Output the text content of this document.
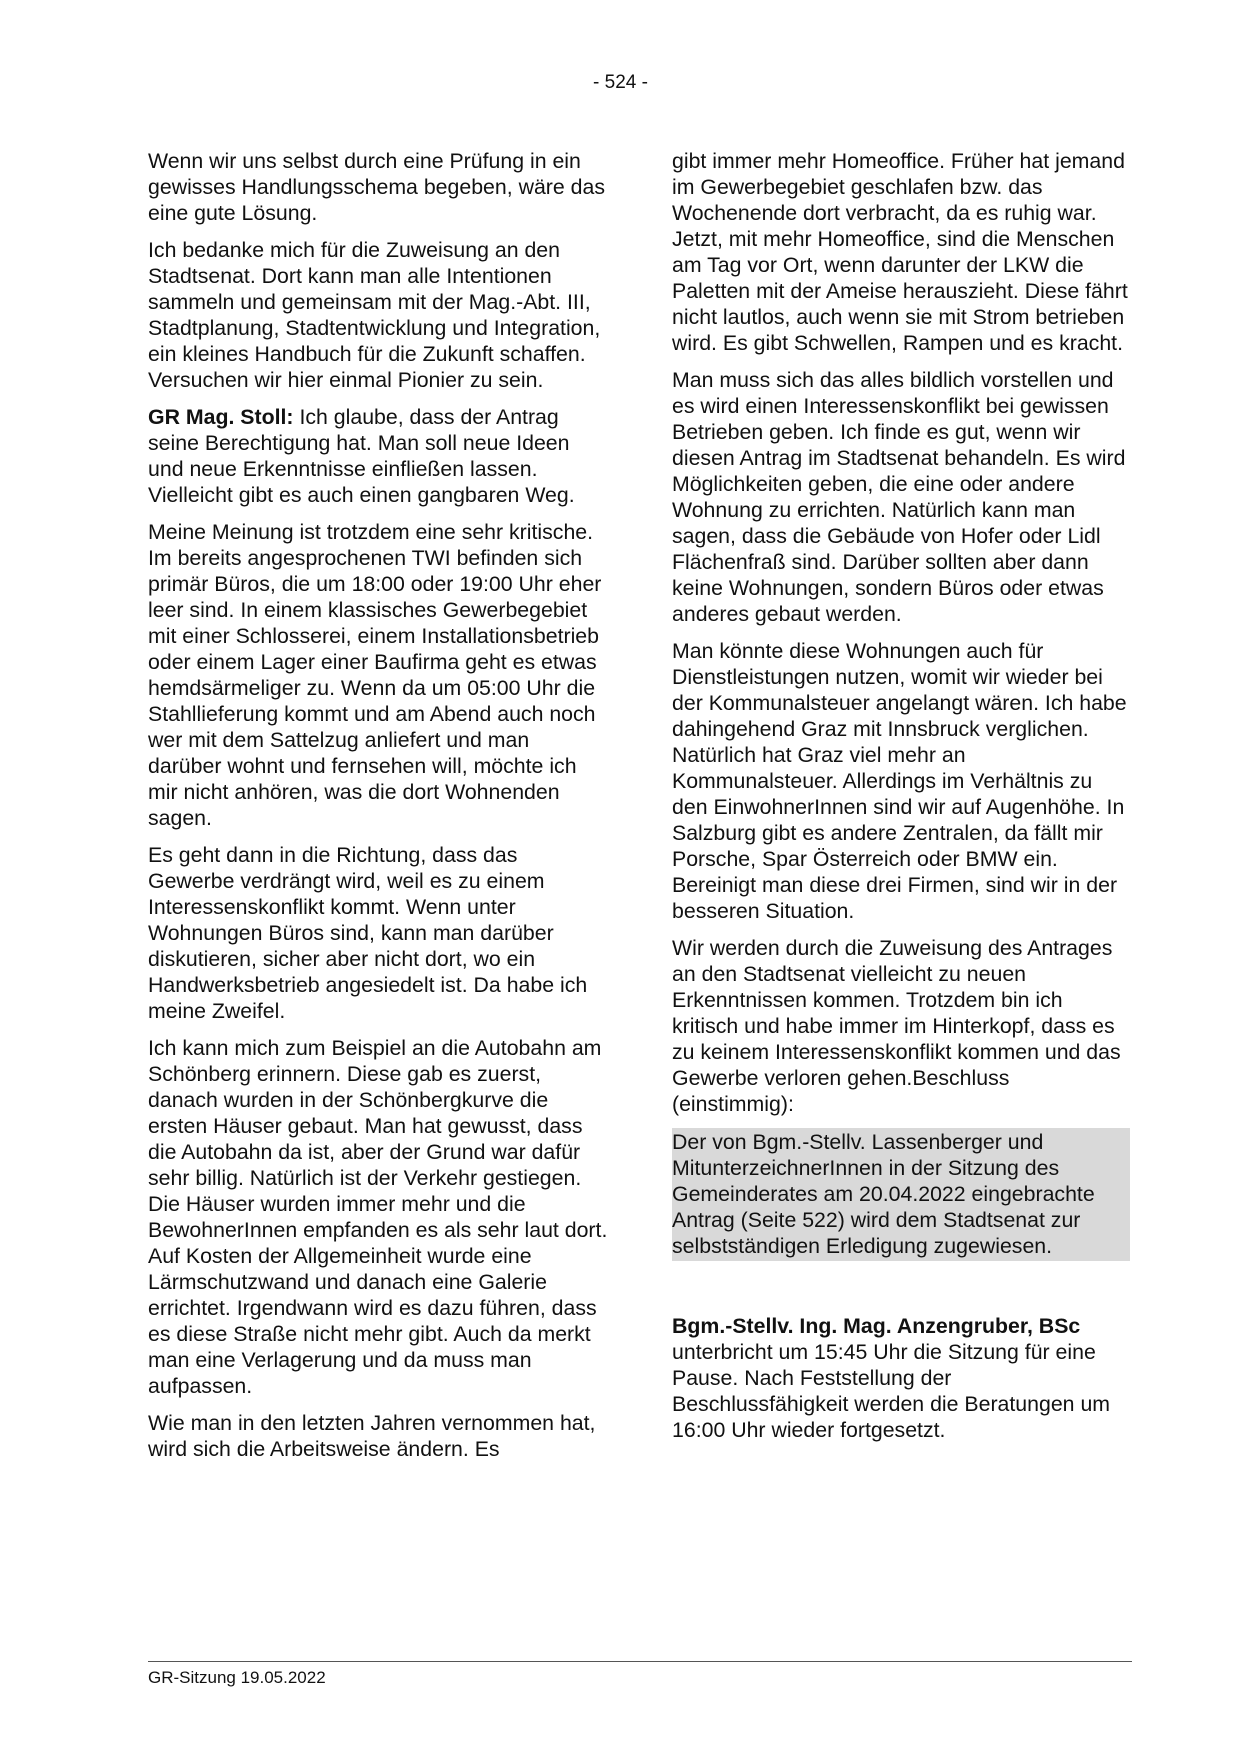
- 524 -

Wenn wir uns selbst durch eine Prüfung in ein gewisses Handlungsschema begeben, wäre das eine gute Lösung.

Ich bedanke mich für die Zuweisung an den Stadtsenat. Dort kann man alle Intentionen sammeln und gemeinsam mit der Mag.-Abt. III, Stadtplanung, Stadtentwicklung und Integration, ein kleines Handbuch für die Zukunft schaffen. Versuchen wir hier einmal Pionier zu sein.

GR Mag. Stoll: Ich glaube, dass der Antrag seine Berechtigung hat. Man soll neue Ideen und neue Erkenntnisse einfließen lassen. Vielleicht gibt es auch einen gangbaren Weg.

Meine Meinung ist trotzdem eine sehr kritische. Im bereits angesprochenen TWI befinden sich primär Büros, die um 18:00 oder 19:00 Uhr eher leer sind. In einem klassisches Gewerbegebiet mit einer Schlosserei, einem Installationsbetrieb oder einem Lager einer Baufirma geht es etwas hemdsärmeliger zu. Wenn da um 05:00 Uhr die Stahllieferung kommt und am Abend auch noch wer mit dem Sattelzug anliefert und man darüber wohnt und fernsehen will, möchte ich mir nicht anhören, was die dort Wohnenden sagen.

Es geht dann in die Richtung, dass das Gewerbe verdrängt wird, weil es zu einem Interessenskonflikt kommt. Wenn unter Wohnungen Büros sind, kann man darüber diskutieren, sicher aber nicht dort, wo ein Handwerksbetrieb angesiedelt ist. Da habe ich meine Zweifel.

Ich kann mich zum Beispiel an die Autobahn am Schönberg erinnern. Diese gab es zuerst, danach wurden in der Schönbergkurve die ersten Häuser gebaut. Man hat gewusst, dass die Autobahn da ist, aber der Grund war dafür sehr billig. Natürlich ist der Verkehr gestiegen. Die Häuser wurden immer mehr und die BewohnerInnen empfanden es als sehr laut dort. Auf Kosten der Allgemeinheit wurde eine Lärmschutzwand und danach eine Galerie errichtet. Irgendwann wird es dazu führen, dass es diese Straße nicht mehr gibt. Auch da merkt man eine Verlagerung und da muss man aufpassen.

Wie man in den letzten Jahren vernommen hat, wird sich die Arbeitsweise ändern. Es

gibt immer mehr Homeoffice. Früher hat jemand im Gewerbegebiet geschlafen bzw. das Wochenende dort verbracht, da es ruhig war. Jetzt, mit mehr Homeoffice, sind die Menschen am Tag vor Ort, wenn darunter der LKW die Paletten mit der Ameise herauszieht. Diese fährt nicht lautlos, auch wenn sie mit Strom betrieben wird. Es gibt Schwellen, Rampen und es kracht.

Man muss sich das alles bildlich vorstellen und es wird einen Interessenskonflikt bei gewissen Betrieben geben. Ich finde es gut, wenn wir diesen Antrag im Stadtsenat behandeln. Es wird Möglichkeiten geben, die eine oder andere Wohnung zu errichten. Natürlich kann man sagen, dass die Gebäude von Hofer oder Lidl Flächenfraß sind. Darüber sollten aber dann keine Wohnungen, sondern Büros oder etwas anderes gebaut werden.

Man könnte diese Wohnungen auch für Dienstleistungen nutzen, womit wir wieder bei der Kommunalsteuer angelangt wären. Ich habe dahingehend Graz mit Innsbruck verglichen. Natürlich hat Graz viel mehr an Kommunalsteuer. Allerdings im Verhältnis zu den EinwohnerInnen sind wir auf Augenhöhe. In Salzburg gibt es andere Zentralen, da fällt mir Porsche, Spar Österreich oder BMW ein. Bereinigt man diese drei Firmen, sind wir in der besseren Situation.

Wir werden durch die Zuweisung des Antrages an den Stadtsenat vielleicht zu neuen Erkenntnissen kommen. Trotzdem bin ich kritisch und habe immer im Hinterkopf, dass es zu keinem Interessenskonflikt kommen und das Gewerbe verloren gehen.Beschluss (einstimmig):

Der von Bgm.-Stellv. Lassenberger und MitunterzeichnerInnen in der Sitzung des Gemeinderates am 20.04.2022 eingebrachte Antrag (Seite 522) wird dem Stadtsenat zur selbstständigen Erledigung zugewiesen.

Bgm.-Stellv. Ing. Mag. Anzengruber, BSc
unterbricht um 15:45 Uhr die Sitzung für eine Pause. Nach Feststellung der Beschlussfähigkeit werden die Beratungen um 16:00 Uhr wieder fortgesetzt.

GR-Sitzung 19.05.2022
